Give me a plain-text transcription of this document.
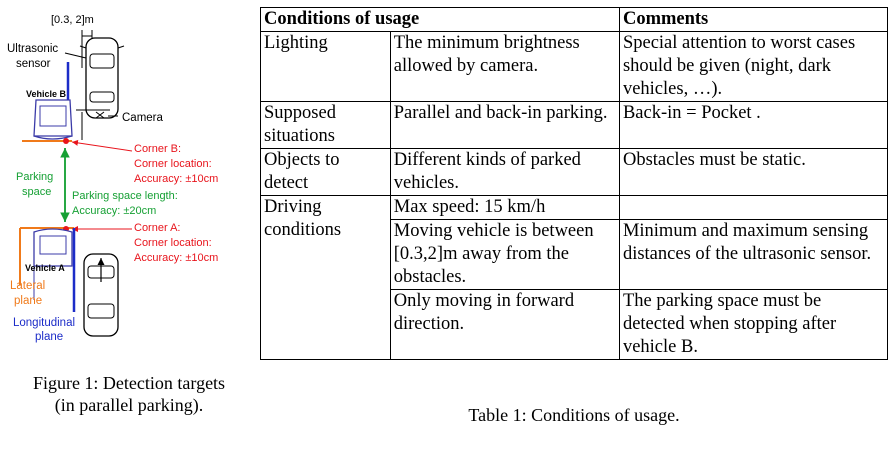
[0.3, 2]m
Ultrasonic sensor
Vehicle B
Camera
Corner B: Corner location: Accuracy: ±10cm
Parking space	Parking space length: Accuracy: ±20cm
Corner A: Corner location: Accuracy: ±10cm
Vehicle A
Lateral plane
Longitudinal plane
Figure 1: Detection targets
(in parallel parking).
Conditions of usage		Comments
Lighting	The minimum brightness allowed by camera.	Special attention to worst cases should be given (night, dark vehicles, …).
Supposed situations	Parallel and back-in parking.	Back-in = Pocket .
Objects to detect	Different kinds of parked vehicles.	Obstacles must be static.
Driving conditions	Max speed: 15 km/h	
	Moving vehicle is between [0.3,2]m away from the obstacles.	Minimum and maximum sensing distances of the ultrasonic sensor.
	Only moving in forward direction.	The parking space must be detected when stopping after vehicle B.
Table 1: Conditions of usage.
